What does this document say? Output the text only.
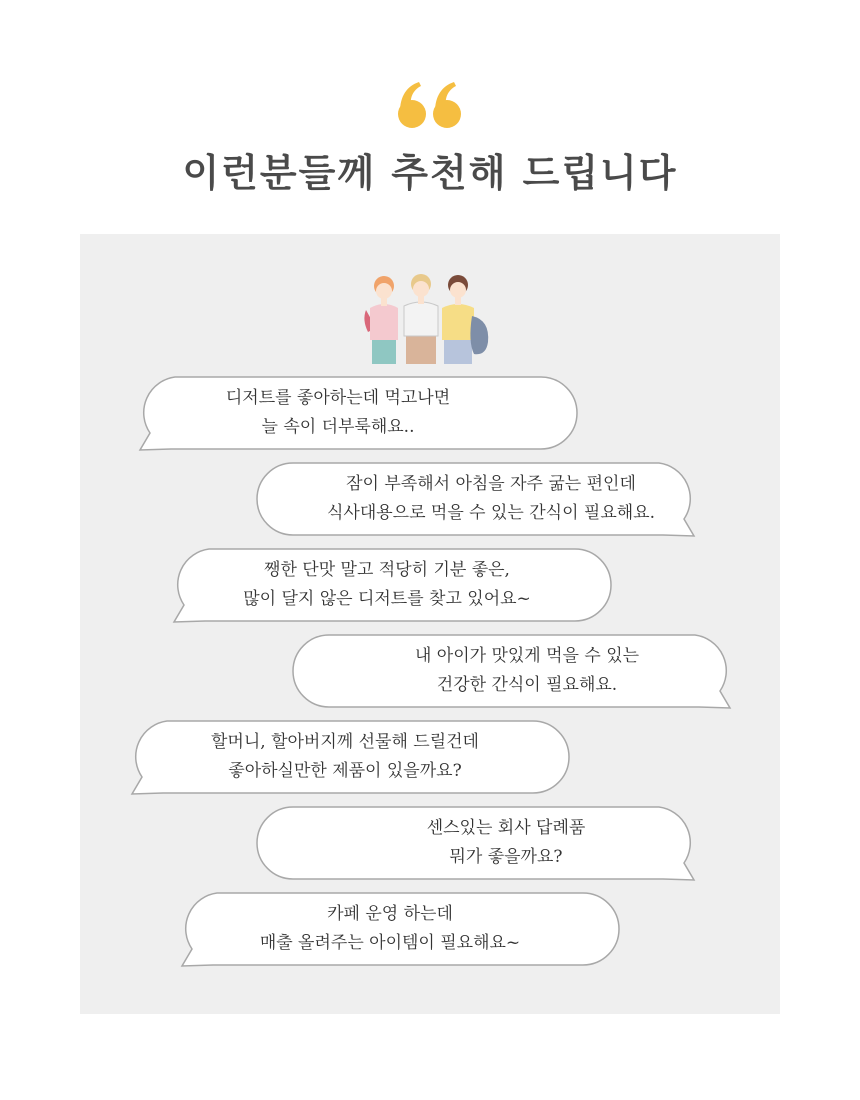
이런분들께 추천해 드립니다
디저트를 좋아하는데 먹고나면
늘 속이 더부룩해요..
잠이 부족해서 아침을 자주 굶는 편인데
식사대용으로 먹을 수 있는 간식이 필요해요.
쨍한 단맛 말고 적당히 기분 좋은,
많이 달지 않은 디저트를 찾고 있어요~
내 아이가 맛있게 먹을 수 있는
건강한 간식이 필요해요.
할머니, 할아버지께 선물해 드릴건데
좋아하실만한 제품이 있을까요?
센스있는 회사 답례품
뭐가 좋을까요?
카페 운영 하는데
매출 올려주는 아이템이 필요해요~
